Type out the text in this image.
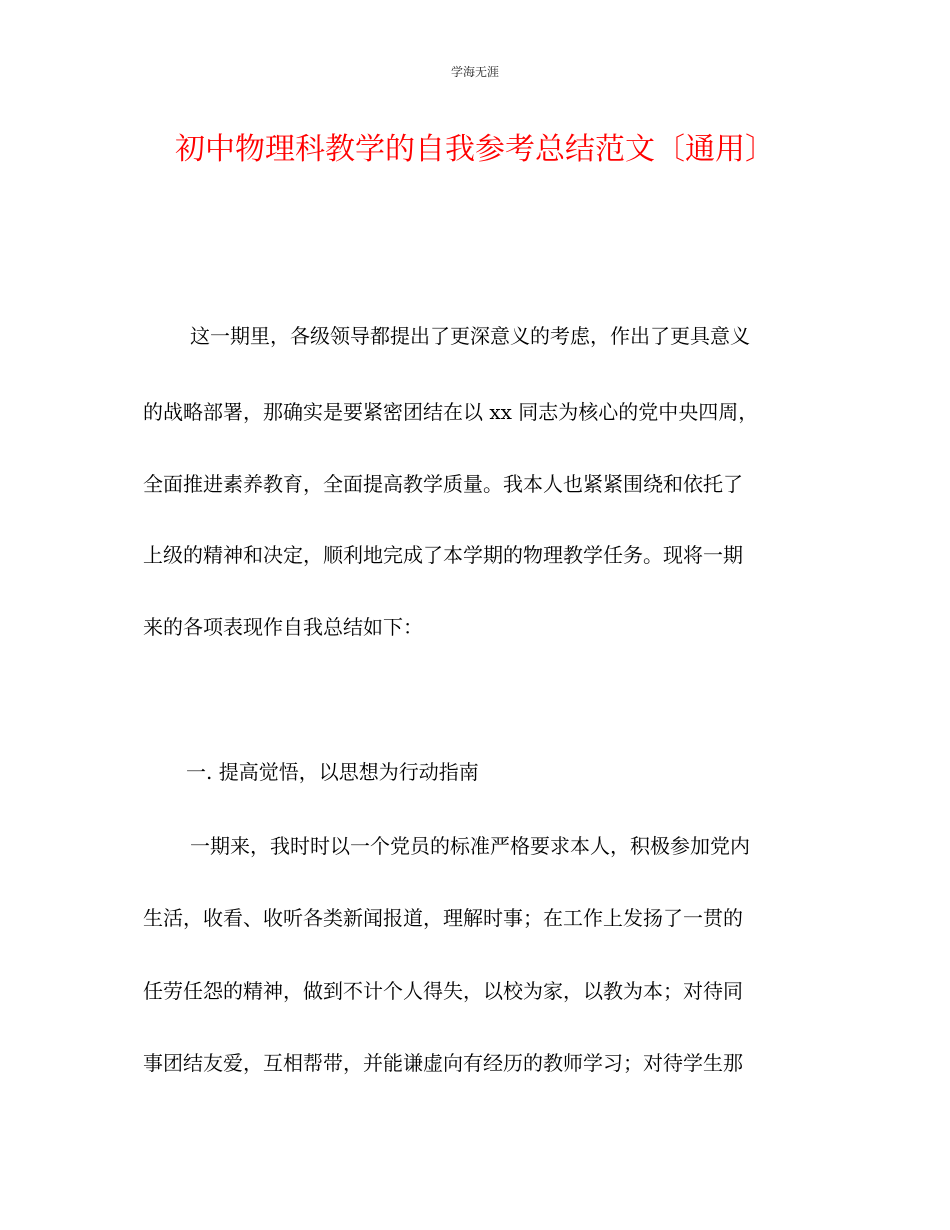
学海无涯
初中物理科教学的自我参考总结范文〔通用〕
这一期里，各级领导都提出了更深意义的考虑，作出了更具意义
的战略部署，那确实是要紧密团结在以 xx 同志为核心的党中央四周，
全面推进素养教育，全面提高教学质量。我本人也紧紧围绕和依托了
上级的精神和决定，顺利地完成了本学期的物理教学任务。现将一期
来的各项表现作自我总结如下：
一. 提高觉悟，以思想为行动指南
一期来，我时时以一个党员的标准严格要求本人，积极参加党内
生活，收看、收听各类新闻报道，理解时事；在工作上发扬了一贯的
任劳任怨的精神，做到不计个人得失，以校为家，以教为本；对待同
事团结友爱，互相帮带，并能谦虚向有经历的教师学习；对待学生那
